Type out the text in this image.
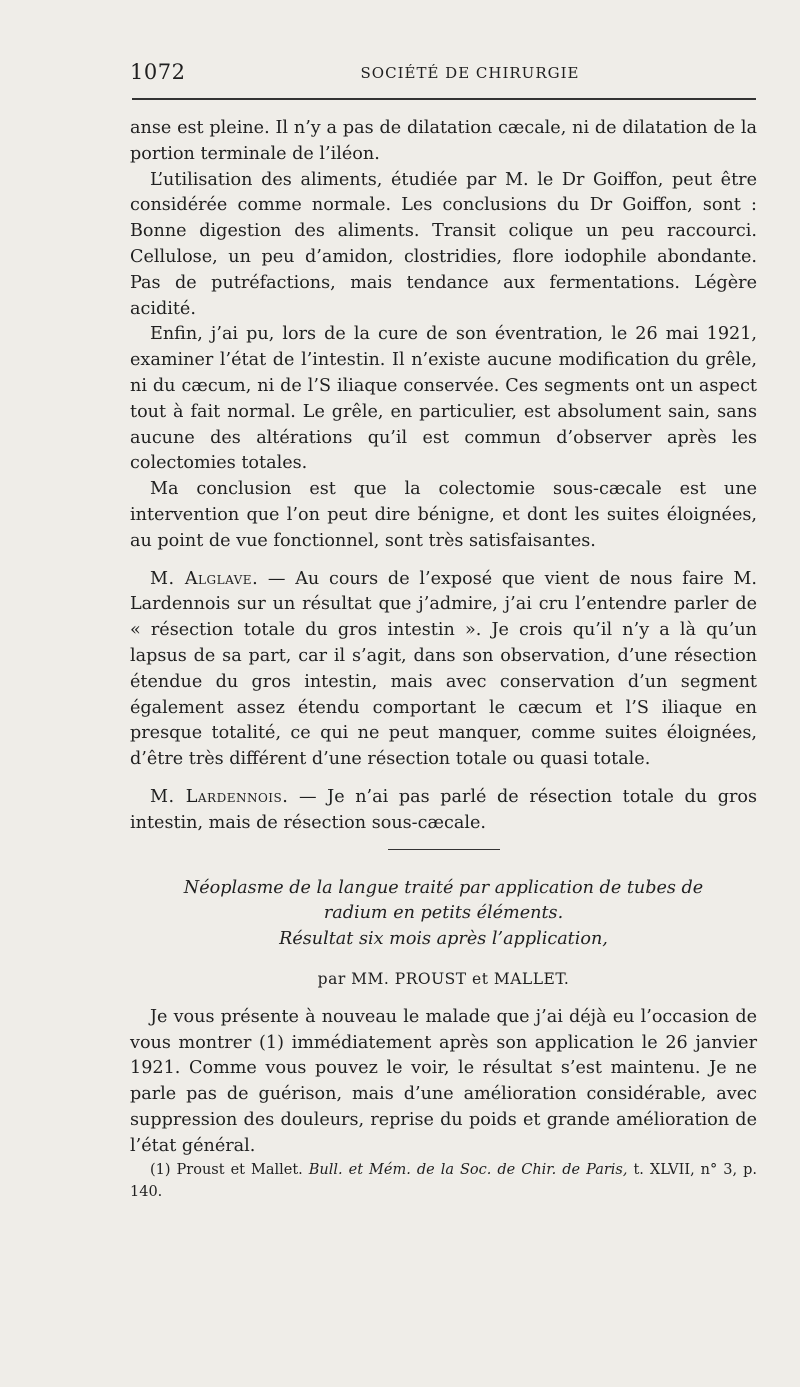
1072	SOCIÉTÉ DE CHIRURGIE

anse est pleine. Il n’y a pas de dilatation cæcale, ni de dilatation de la portion terminale de l’iléon.

L’utilisation des aliments, étudiée par M. le Dr Goiffon, peut être considérée comme normale. Les conclusions du Dr Goiffon, sont : Bonne digestion des aliments. Transit colique un peu raccourci. Cellulose, un peu d’amidon, clostridies, flore iodophile abondante. Pas de putréfactions, mais tendance aux fermentations. Légère acidité.

Enfin, j’ai pu, lors de la cure de son éventration, le 26 mai 1921, examiner l’état de l’intestin. Il n’existe aucune modification du grêle, ni du cæcum, ni de l’S iliaque conservée. Ces segments ont un aspect tout à fait normal. Le grêle, en particulier, est absolument sain, sans aucune des altérations qu’il est commun d’observer après les colectomies totales.

Ma conclusion est que la colectomie sous-cæcale est une intervention que l’on peut dire bénigne, et dont les suites éloignées, au point de vue fonctionnel, sont très satisfaisantes.

M. Alglave. — Au cours de l’exposé que vient de nous faire M. Lardennois sur un résultat que j’admire, j’ai cru l’entendre parler de « résection totale du gros intestin ». Je crois qu’il n’y a là qu’un lapsus de sa part, car il s’agit, dans son observation, d’une résection étendue du gros intestin, mais avec conservation d’un segment également assez étendu comportant le cæcum et l’S iliaque en presque totalité, ce qui ne peut manquer, comme suites éloignées, d’être très différent d’une résection totale ou quasi totale.

M. Lardennois. — Je n’ai pas parlé de résection totale du gros intestin, mais de résection sous-cæcale.

Néoplasme de la langue traité par application de tubes de
radium en petits éléments.
Résultat six mois après l’application,
par MM. PROUST et MALLET.

Je vous présente à nouveau le malade que j’ai déjà eu l’occasion de vous montrer (1) immédiatement après son application le 26 janvier 1921. Comme vous pouvez le voir, le résultat s’est maintenu. Je ne parle pas de guérison, mais d’une amélioration considérable, avec suppression des douleurs, reprise du poids et grande amélioration de l’état général.

(1) Proust et Mallet. Bull. et Mém. de la Soc. de Chir. de Paris, t. XLVII, n° 3, p. 140.
